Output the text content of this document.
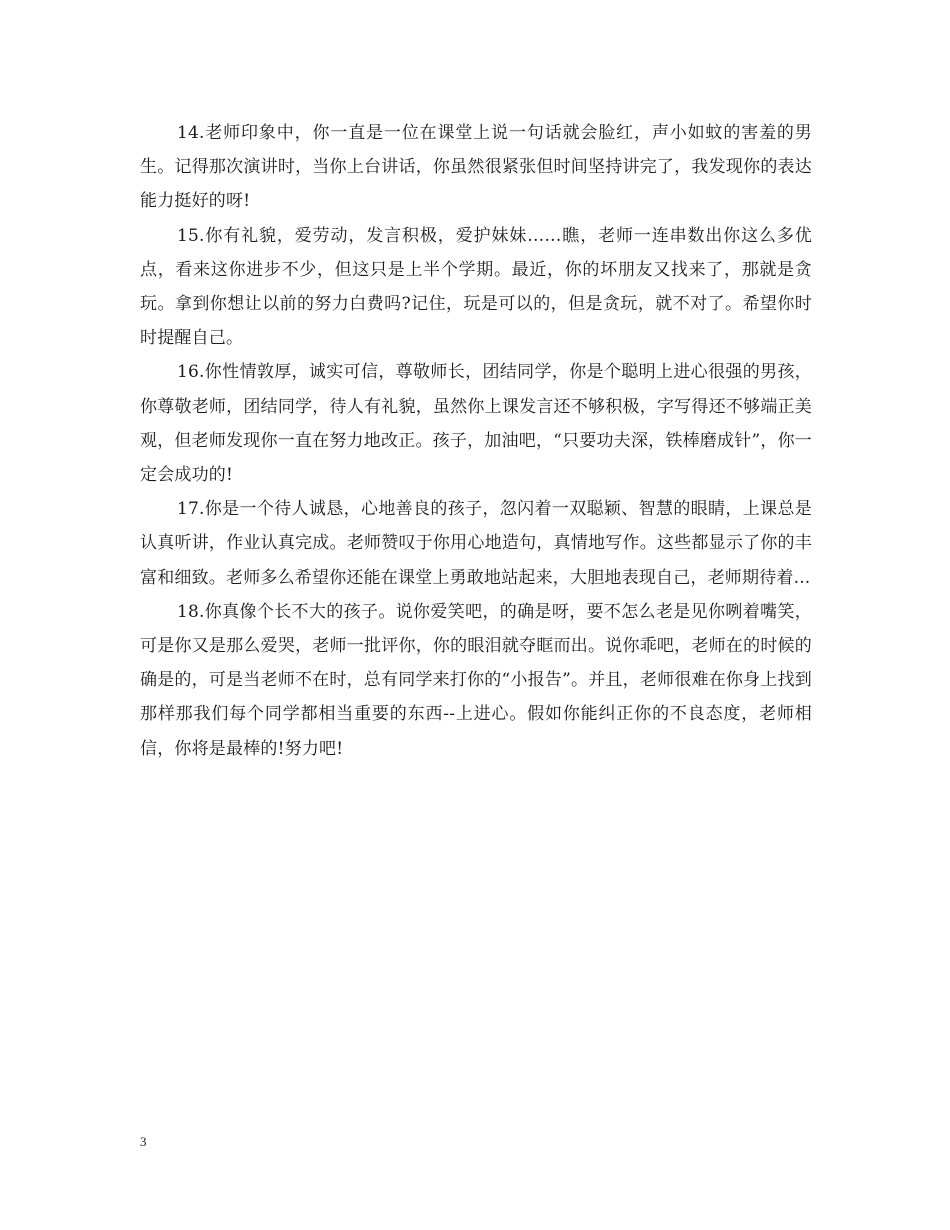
14.老师印象中，你一直是一位在课堂上说一句话就会脸红，声小如蚊的害羞的男生。记得那次演讲时，当你上台讲话，你虽然很紧张但时间坚持讲完了，我发现你的表达能力挺好的呀!

15.你有礼貌，爱劳动，发言积极，爱护妹妹……瞧，老师一连串数出你这么多优点，看来这你进步不少，但这只是上半个学期。最近，你的坏朋友又找来了，那就是贪玩。拿到你想让以前的努力白费吗?记住，玩是可以的，但是贪玩，就不对了。希望你时时提醒自己。

16.你性情敦厚，诚实可信，尊敬师长，团结同学，你是个聪明上进心很强的男孩，你尊敬老师，团结同学，待人有礼貌，虽然你上课发言还不够积极，字写得还不够端正美观，但老师发现你一直在努力地改正。孩子，加油吧，“只要功夫深，铁棒磨成针”，你一定会成功的!

17.你是一个待人诚恳，心地善良的孩子，忽闪着一双聪颖、智慧的眼睛，上课总是认真听讲，作业认真完成。老师赞叹于你用心地造句，真情地写作。这些都显示了你的丰富和细致。老师多么希望你还能在课堂上勇敢地站起来，大胆地表现自己，老师期待着...

18.你真像个长不大的孩子。说你爱笑吧，的确是呀，要不怎么老是见你咧着嘴笑，可是你又是那么爱哭，老师一批评你，你的眼泪就夺眶而出。说你乖吧，老师在的时候的确是的，可是当老师不在时，总有同学来打你的“小报告”。并且，老师很难在你身上找到那样那我们每个同学都相当重要的东西--上进心。假如你能纠正你的不良态度，老师相信，你将是最棒的!努力吧!

3
